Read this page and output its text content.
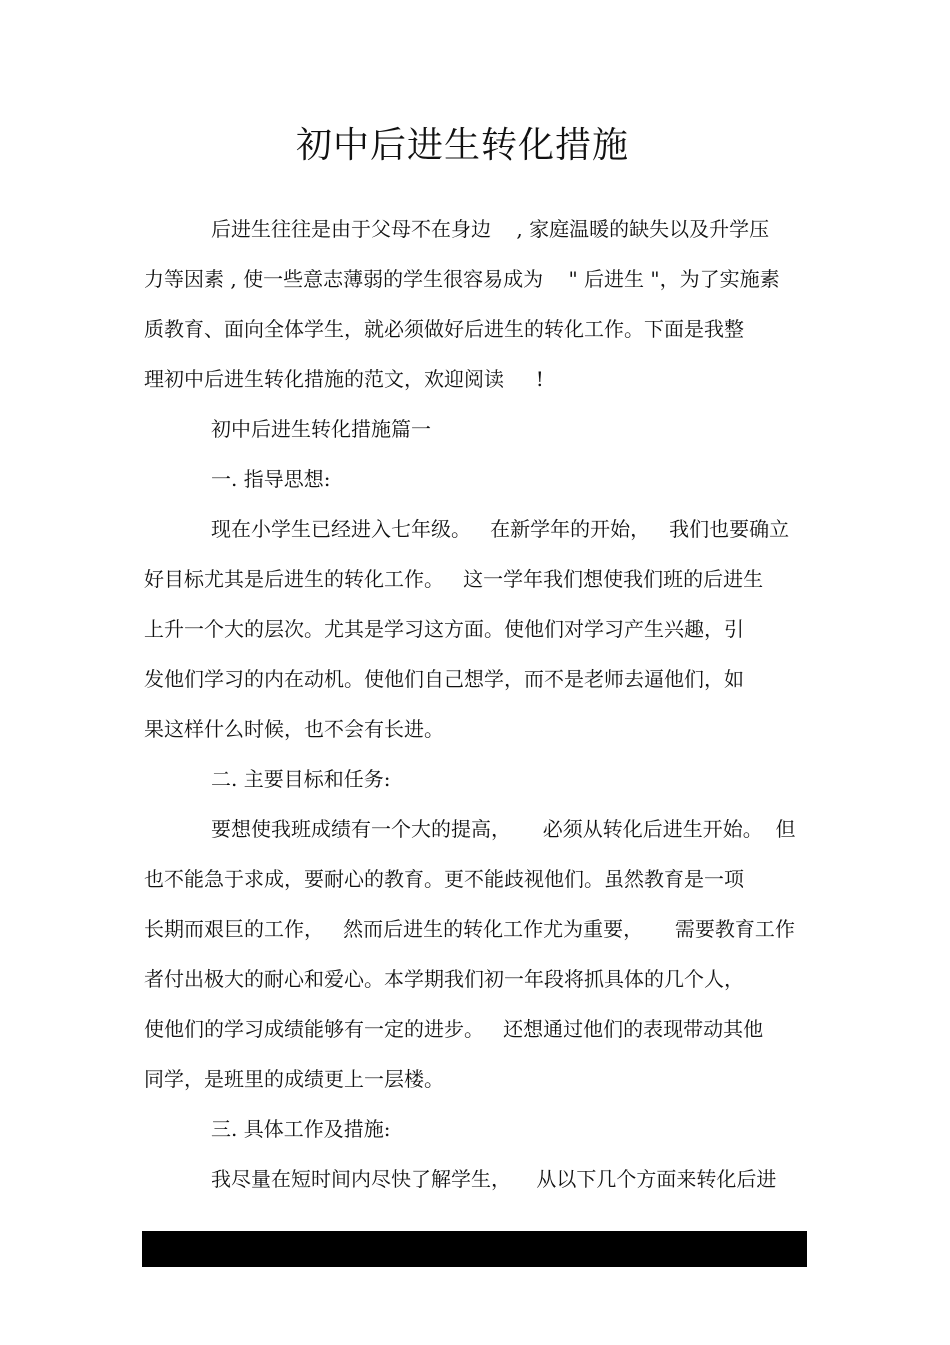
初中后进生转化措施

后进生往往是由于父母不在身边    , 家庭温暖的缺失以及升学压

力等因素 , 使一些意志薄弱的学生很容易成为    " 后进生 "，为了实施素

质教育、面向全体学生，就必须做好后进生的转化工作。下面是我整

理初中后进生转化措施的范文，欢迎阅读     !

初中后进生转化措施篇一

一. 指导思想:

现在小学生已经进入七年级。   在新学年的开始，   我们也要确立

好目标尤其是后进生的转化工作。   这一学年我们想使我们班的后进生

上升一个大的层次。尤其是学习这方面。使他们对学习产生兴趣，引

发他们学习的内在动机。使他们自己想学，而不是老师去逼他们，如

果这样什么时候，也不会有长进。

二. 主要目标和任务:

要想使我班成绩有一个大的提高，     必须从转化后进生开始。  但

也不能急于求成，要耐心的教育。更不能歧视他们。虽然教育是一项

长期而艰巨的工作，   然而后进生的转化工作尤为重要，     需要教育工作

者付出极大的耐心和爱心。本学期我们初一年段将抓具体的几个人，

使他们的学习成绩能够有一定的进步。   还想通过他们的表现带动其他

同学，是班里的成绩更上一层楼。

三. 具体工作及措施:

我尽量在短时间内尽快了解学生，    从以下几个方面来转化后进
